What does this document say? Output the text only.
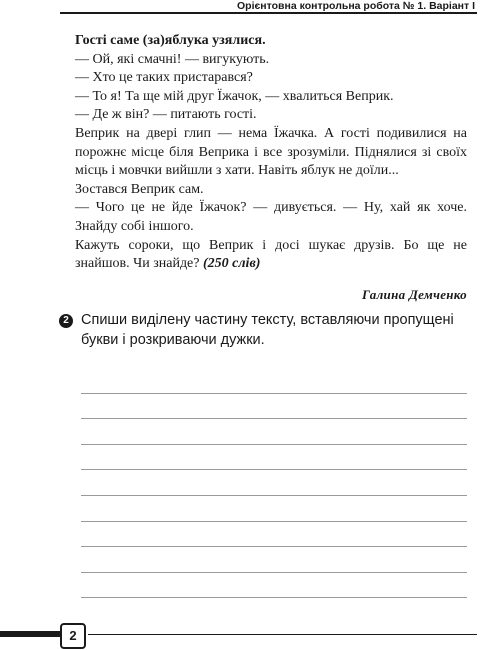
Орієнтовна контрольна робота № 1. Варіант І

Гості саме (за)яблука узялися.

— Ой, які смачні! — вигукують.

— Хто це таких пристарався?

— То я! Та ще мій друг Їжачок, — хвалиться Веприк.

— Де ж він? — питають гості.

Веприк на двері глип — нема Їжачка. А гості подивилися на порожнє місце біля Веприка і все зрозуміли. Піднялися зі своїх місць і мовчки вийшли з хати. Навіть яблук не доїли...

Зостався Веприк сам.

— Чого це не йде Їжачок? — дивується. — Ну, хай як хоче. Знайду собі іншого.

Кажуть сороки, що Веприк і досі шукає друзів. Бо ще не знайшов. Чи знайде? (250 слів)

Галина Демченко
2 Спиши виділену частину тексту, вставляючи пропущені букви і розкриваючи дужки.
2
